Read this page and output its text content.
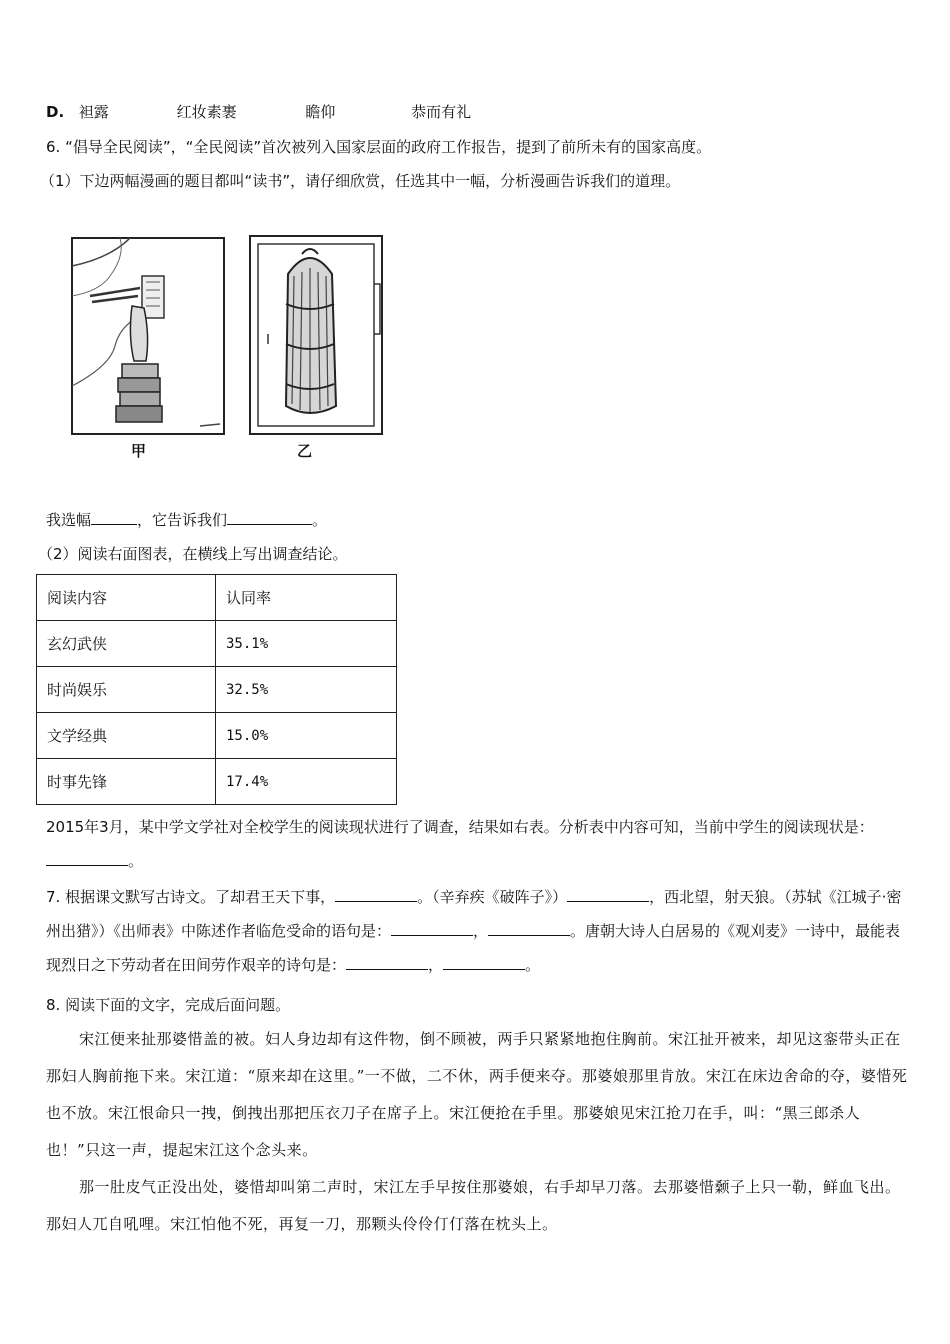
D. 袒露	红妆素裹	瞻仰	恭而有礼
6. “倡导全民阅读”，“全民阅读”首次被列入国家层面的政府工作报告，提到了前所未有的国家高度。
（1）下边两幅漫画的题目都叫“读书”，请仔细欣赏，任选其中一幅，分析漫画告诉我们的道理。
甲	乙
我选幅	，它告诉我们	。
（2）阅读右面图表，在横线上写出调查结论。
阅读内容	认同率
玄幻武侠	35.1%
时尚娱乐	32.5%
文学经典	15.0%
时事先锋	17.4%
2015年3月，某中学文学社对全校学生的阅读现状进行了调查，结果如右表。分析表中内容可知，当前中学生的阅读现状是：。
7. 根据课文默写古诗文。了却君王天下事，	。（辛弃疾《破阵子》）	，西北望，射天狼。（苏轼《江城子·密州出猎》）《出师表》中陈述作者临危受命的语句是：	，	。唐朝大诗人白居易的《观刈麦》一诗中，最能表现烈日之下劳动者在田间劳作艰辛的诗句是：	，	。
8. 阅读下面的文字，完成后面问题。
宋江便来扯那婆惜盖的被。妇人身边却有这件物，倒不顾被，两手只紧紧地抱住胸前。宋江扯开被来，却见这銮带头正在那妇人胸前拖下来。宋江道：“原来却在这里。”一不做，二不休，两手便来夺。那婆娘那里肯放。宋江在床边舍命的夺，婆惜死也不放。宋江恨命只一拽，倒拽出那把压衣刀子在席子上。宋江便抢在手里。那婆娘见宋江抢刀在手，叫：“黑三郎杀人也！”只这一声，提起宋江这个念头来。
那一肚皮气正没出处，婆惜却叫第二声时，宋江左手早按住那婆娘，右手却早刀落。去那婆惜颡子上只一勒，鲜血飞出。那妇人兀自吼哩。宋江怕他不死，再复一刀，那颗头伶伶仃仃落在枕头上。
